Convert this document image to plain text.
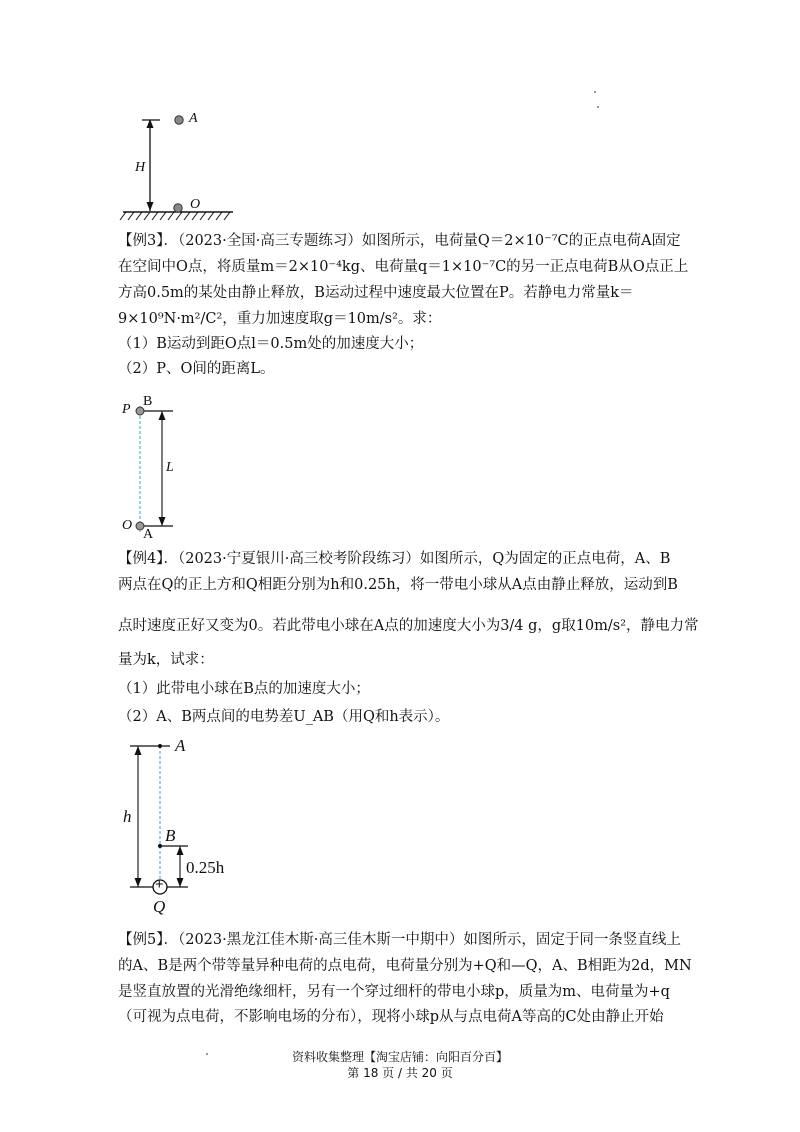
A
H
O
【例3】．（2023·全国·高三专题练习）如图所示，电荷量Q＝2×10⁻⁷C的正点电荷A固定
在空间中O点，将质量m＝2×10⁻⁴kg、电荷量q＝1×10⁻⁷C的另一正点电荷B从O点正上
方高0.5m的某处由静止释放，B运动过程中速度最大位置在P。若静电力常量k＝
9×10⁹N·m²/C²，重力加速度取g＝10m/s²。求：
（1）B运动到距O点l＝0.5m处的加速度大小；
（2）P、O间的距离L。
P
B
L
O
A
【例4】．（2023·宁夏银川·高三校考阶段练习）如图所示，Q为固定的正点电荷，A、B
两点在Q的正上方和Q相距分别为h和0.25h，将一带电小球从A点由静止释放，运动到B
点时速度正好又变为0。若此带电小球在A点的加速度大小为3/4 g，g取10m/s²，静电力常
量为k，试求：
（1）此带电小球在B点的加速度大小；
（2）A、B两点间的电势差U_AB（用Q和h表示）。
A
h
B
0.25h
+
Q
【例5】．（2023·黑龙江佳木斯·高三佳木斯一中期中）如图所示，固定于同一条竖直线上
的A、B是两个带等量异种电荷的点电荷，电荷量分别为+Q和—Q，A、B相距为2d，MN
是竖直放置的光滑绝缘细杆，另有一个穿过细杆的带电小球p，质量为m、电荷量为+q
（可视为点电荷，不影响电场的分布），现将小球p从与点电荷A等高的C处由静止开始
资料收集整理【淘宝店铺：向阳百分百】
第 18 页 / 共 20 页
